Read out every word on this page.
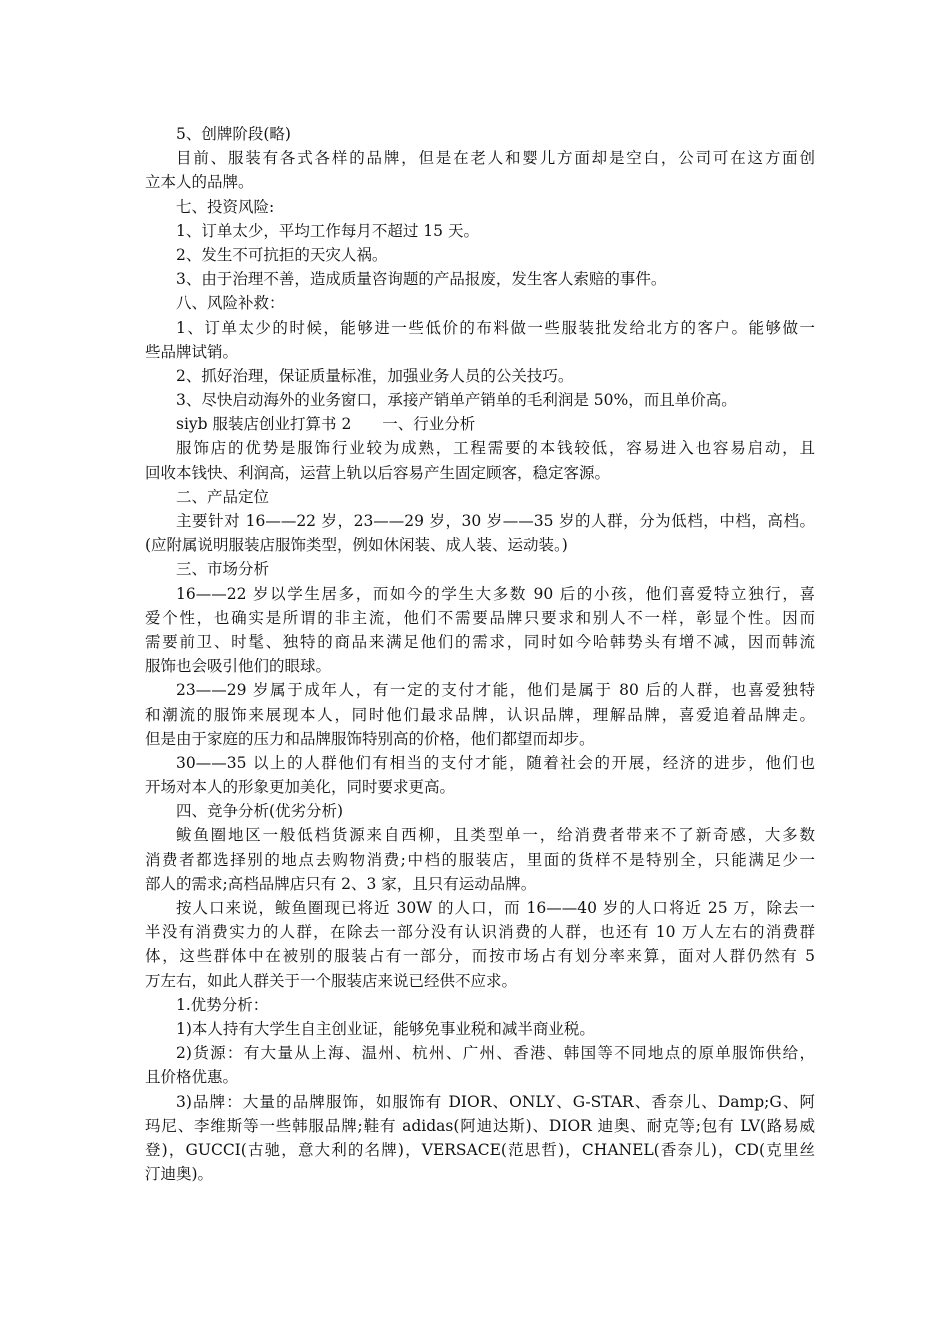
5、创牌阶段(略)
目前、服装有各式各样的品牌，但是在老人和婴儿方面却是空白，公司可在这方面创
立本人的品牌。
七、投资风险:
1、订单太少，平均工作每月不超过 15 天。
2、发生不可抗拒的天灾人祸。
3、由于治理不善，造成质量咨询题的产品报废，发生客人索赔的事件。
八、风险补救：
1、订单太少的时候，能够进一些低价的布料做一些服装批发给北方的客户。能够做一
些品牌试销。
2、抓好治理，保证质量标准，加强业务人员的公关技巧。
3、尽快启动海外的业务窗口，承接产销单产销单的毛利润是 50%，而且单价高。
siyb 服装店创业打算书 2　　一、行业分析
服饰店的优势是服饰行业较为成熟，工程需要的本钱较低，容易进入也容易启动，且
回收本钱快、利润高，运营上轨以后容易产生固定顾客，稳定客源。
二、产品定位
主要针对 16——22 岁，23——29 岁，30 岁——35 岁的人群，分为低档，中档，高档。
(应附属说明服装店服饰类型，例如休闲装、成人装、运动装。)
三、市场分析
16——22 岁以学生居多，而如今的学生大多数 90 后的小孩，他们喜爱特立独行，喜
爱个性，也确实是所谓的非主流，他们不需要品牌只要求和别人不一样，彰显个性。因而
需要前卫、时髦、独特的商品来满足他们的需求，同时如今哈韩势头有增不减，因而韩流
服饰也会吸引他们的眼球。
23——29 岁属于成年人，有一定的支付才能，他们是属于 80 后的人群，也喜爱独特
和潮流的服饰来展现本人，同时他们最求品牌，认识品牌，理解品牌，喜爱追着品牌走。
但是由于家庭的压力和品牌服饰特别高的价格，他们都望而却步。
30——35 以上的人群他们有相当的支付才能，随着社会的开展，经济的进步，他们也
开场对本人的形象更加美化，同时要求更高。
四、竞争分析(优劣分析)
鲅鱼圈地区一般低档货源来自西柳，且类型单一，给消费者带来不了新奇感，大多数
消费者都选择别的地点去购物消费;中档的服装店，里面的货样不是特别全，只能满足少一
部人的需求;高档品牌店只有 2、3 家，且只有运动品牌。
按人口来说，鲅鱼圈现已将近 30W 的人口，而 16——40 岁的人口将近 25 万，除去一
半没有消费实力的人群，在除去一部分没有认识消费的人群，也还有 10 万人左右的消费群
体，这些群体中在被别的服装占有一部分，而按市场占有划分率来算，面对人群仍然有 5
万左右，如此人群关于一个服装店来说已经供不应求。
1.优势分析：
1)本人持有大学生自主创业证，能够免事业税和减半商业税。
2)货源：有大量从上海、温州、杭州、广州、香港、韩国等不同地点的原单服饰供给，
且价格优惠。
3)品牌：大量的品牌服饰，如服饰有 DIOR、ONLY、G-STAR、香奈儿、Damp;G、阿
玛尼、李维斯等一些韩服品牌;鞋有 adidas(阿迪达斯)、DIOR 迪奥、耐克等;包有 LV(路易威
登)，GUCCI(古驰，意大利的名牌)，VERSACE(范思哲)，CHANEL(香奈儿)，CD(克里丝
汀迪奥)。
